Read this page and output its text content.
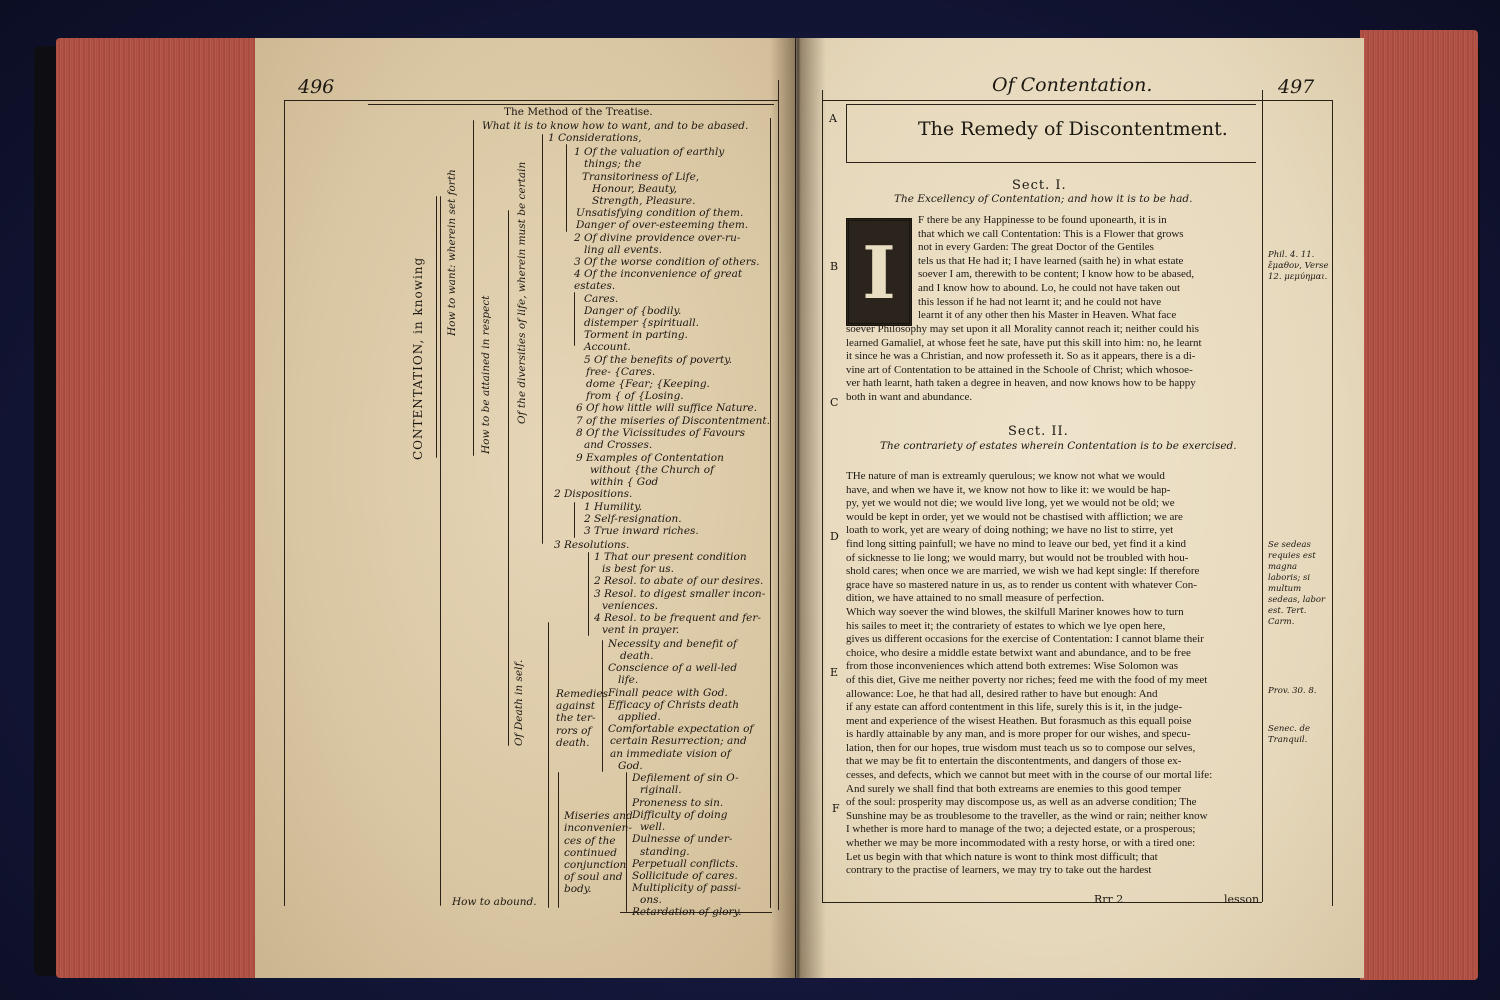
496
The Method of the Treatise.
CONTENTATION, in knowing
How to want: wherein set forth
How to be attained in respect Of the diversities of life, wherein must be certain
Of Death in self.
What it is to know how to want, and to be abased.
1 Considerations,
1 Of the valuation of earthly
things; the
Transitoriness of Life,
Honour, Beauty,
Strength, Pleasure.
Unsatisfying condition of them.
Danger of over-esteeming them.
2 Of divine providence over-ru-
ling all events.
3 Of the worse condition of others.
4 Of the inconvenience of great
estates.
Cares.
Danger of {bodily.
distemper {spirituall.
Torment in parting.
Account.
5 Of the benefits of poverty.
free- {Cares.
dome {Fear; {Keeping.
from { of {Losing.
6 Of how little will suffice Nature.
7 of the miseries of Discontentment.
8 Of the Vicissitudes of Favours
and Crosses.
9 Examples of Contentation
without {the Church of
within { God
2 Dispositions.
1 Humility.
2 Self-resignation.
3 True inward riches.
3 Resolutions.
1 That our present condition
is best for us.
2 Resol. to abate of our desires.
3 Resol. to digest smaller incon-
veniences.
4 Resol. to be frequent and fer-
vent in prayer.
Necessity and benefit of
death.
Conscience of a well-led
life.
Finall peace with God.
Efficacy of Christs death
applied.
Comfortable expectation of
certain Resurrection; and
an immediate vision of
God.
Remedies
against
the ter-
rors of
death.
Defilement of sin O-
riginall.
Proneness to sin.
Difficulty of doing
well.
Dulnesse of under-
standing.
Perpetuall conflicts.
Sollicitude of cares.
Multiplicity of passi-
ons.
Retardation of glory.
Miseries and
inconvenien-
ces of the
continued
conjunction
of soul and
body.
How to abound.
Of Contentation.	497
The Remedy of Discontentment.
Sect. I.
The Excellency of Contentation; and how it is to be had.
I
F there be any Happinesse to be found uponearth, it is in
that which we call Contentation: This is a Flower that grows
not in every Garden: The great Doctor of the Gentiles
tels us that He had it; I have learned (saith he) in what estate
soever I am, therewith to be content; I know how to be abased,
and I know how to abound. Lo, he could not have taken out
this lesson if he had not learnt it; and he could not have
learnt it of any other then his Master in Heaven. What face
soever Philosophy may set upon it all Morality cannot reach it; neither could his
learned Gamaliel, at whose feet he sate, have put this skill into him: no, he learnt
it since he was a Christian, and now professeth it. So as it appears, there is a di-
vine art of Contentation to be attained in the Schoole of Christ; which whosoe-
ver hath learnt, hath taken a degree in heaven, and now knows how to be happy
both in want and abundance.
Sect. II.
The contrariety of estates wherein Contentation is to be exercised.
THe nature of man is extreamly querulous; we know not what we would
have, and when we have it, we know not how to like it: we would be hap-
py, yet we would not die; we would live long, yet we would not be old; we
would be kept in order, yet we would not be chastised with affliction; we are
loath to work, yet are weary of doing nothing; we have no list to stirre, yet
find long sitting painfull; we have no mind to leave our bed, yet find it a kind
of sicknesse to lie long; we would marry, but would not be troubled with hou-
shold cares; when once we are married, we wish we had kept single: If therefore
grace have so mastered nature in us, as to render us content with whatever Con-
dition, we have attained to no small measure of perfection.
Which way soever the wind blowes, the skilfull Mariner knowes how to turn
his sailes to meet it; the contrariety of estates to which we lye open here,
gives us different occasions for the exercise of Contentation: I cannot blame their
choice, who desire a middle estate betwixt want and abundance, and to be free
from those inconveniences which attend both extremes: Wise Solomon was
of this diet, Give me neither poverty nor riches; feed me with the food of my meet
allowance: Loe, he that had all, desired rather to have but enough: And
if any estate can afford contentment in this life, surely this is it, in the judge-
ment and experience of the wisest Heathen. But forasmuch as this equall poise
is hardly attainable by any man, and is more proper for our wishes, and specu-
lation, then for our hopes, true wisdom must teach us so to compose our selves,
that we may be fit to entertain the discontentments, and dangers of those ex-
cesses, and defects, which we cannot but meet with in the course of our mortal life:
And surely we shall find that both extreams are enemies to this good temper
of the soul: prosperity may discompose us, as well as an adverse condition; The
Sunshine may be as troublesome to the traveller, as the wind or rain; neither know
I whether is more hard to manage of the two; a dejected estate, or a prosperous;
whether we may be more incommodated with a resty horse, or with a tired one:
Let us begin with that which nature is wont to think most difficult; that
contrary to the practise of learners, we may try to take out the hardest
A
B
C
D
E
F
Phil. 4. 11. ἔμαθον, Verse 12. μεμύημαι.
Se sedeas requies est magna laboris; si multum sedeas, labor est. Tert. Carm.
Prov. 30. 8.
Senec. de Tranquil.
Rrr 2	lesson
